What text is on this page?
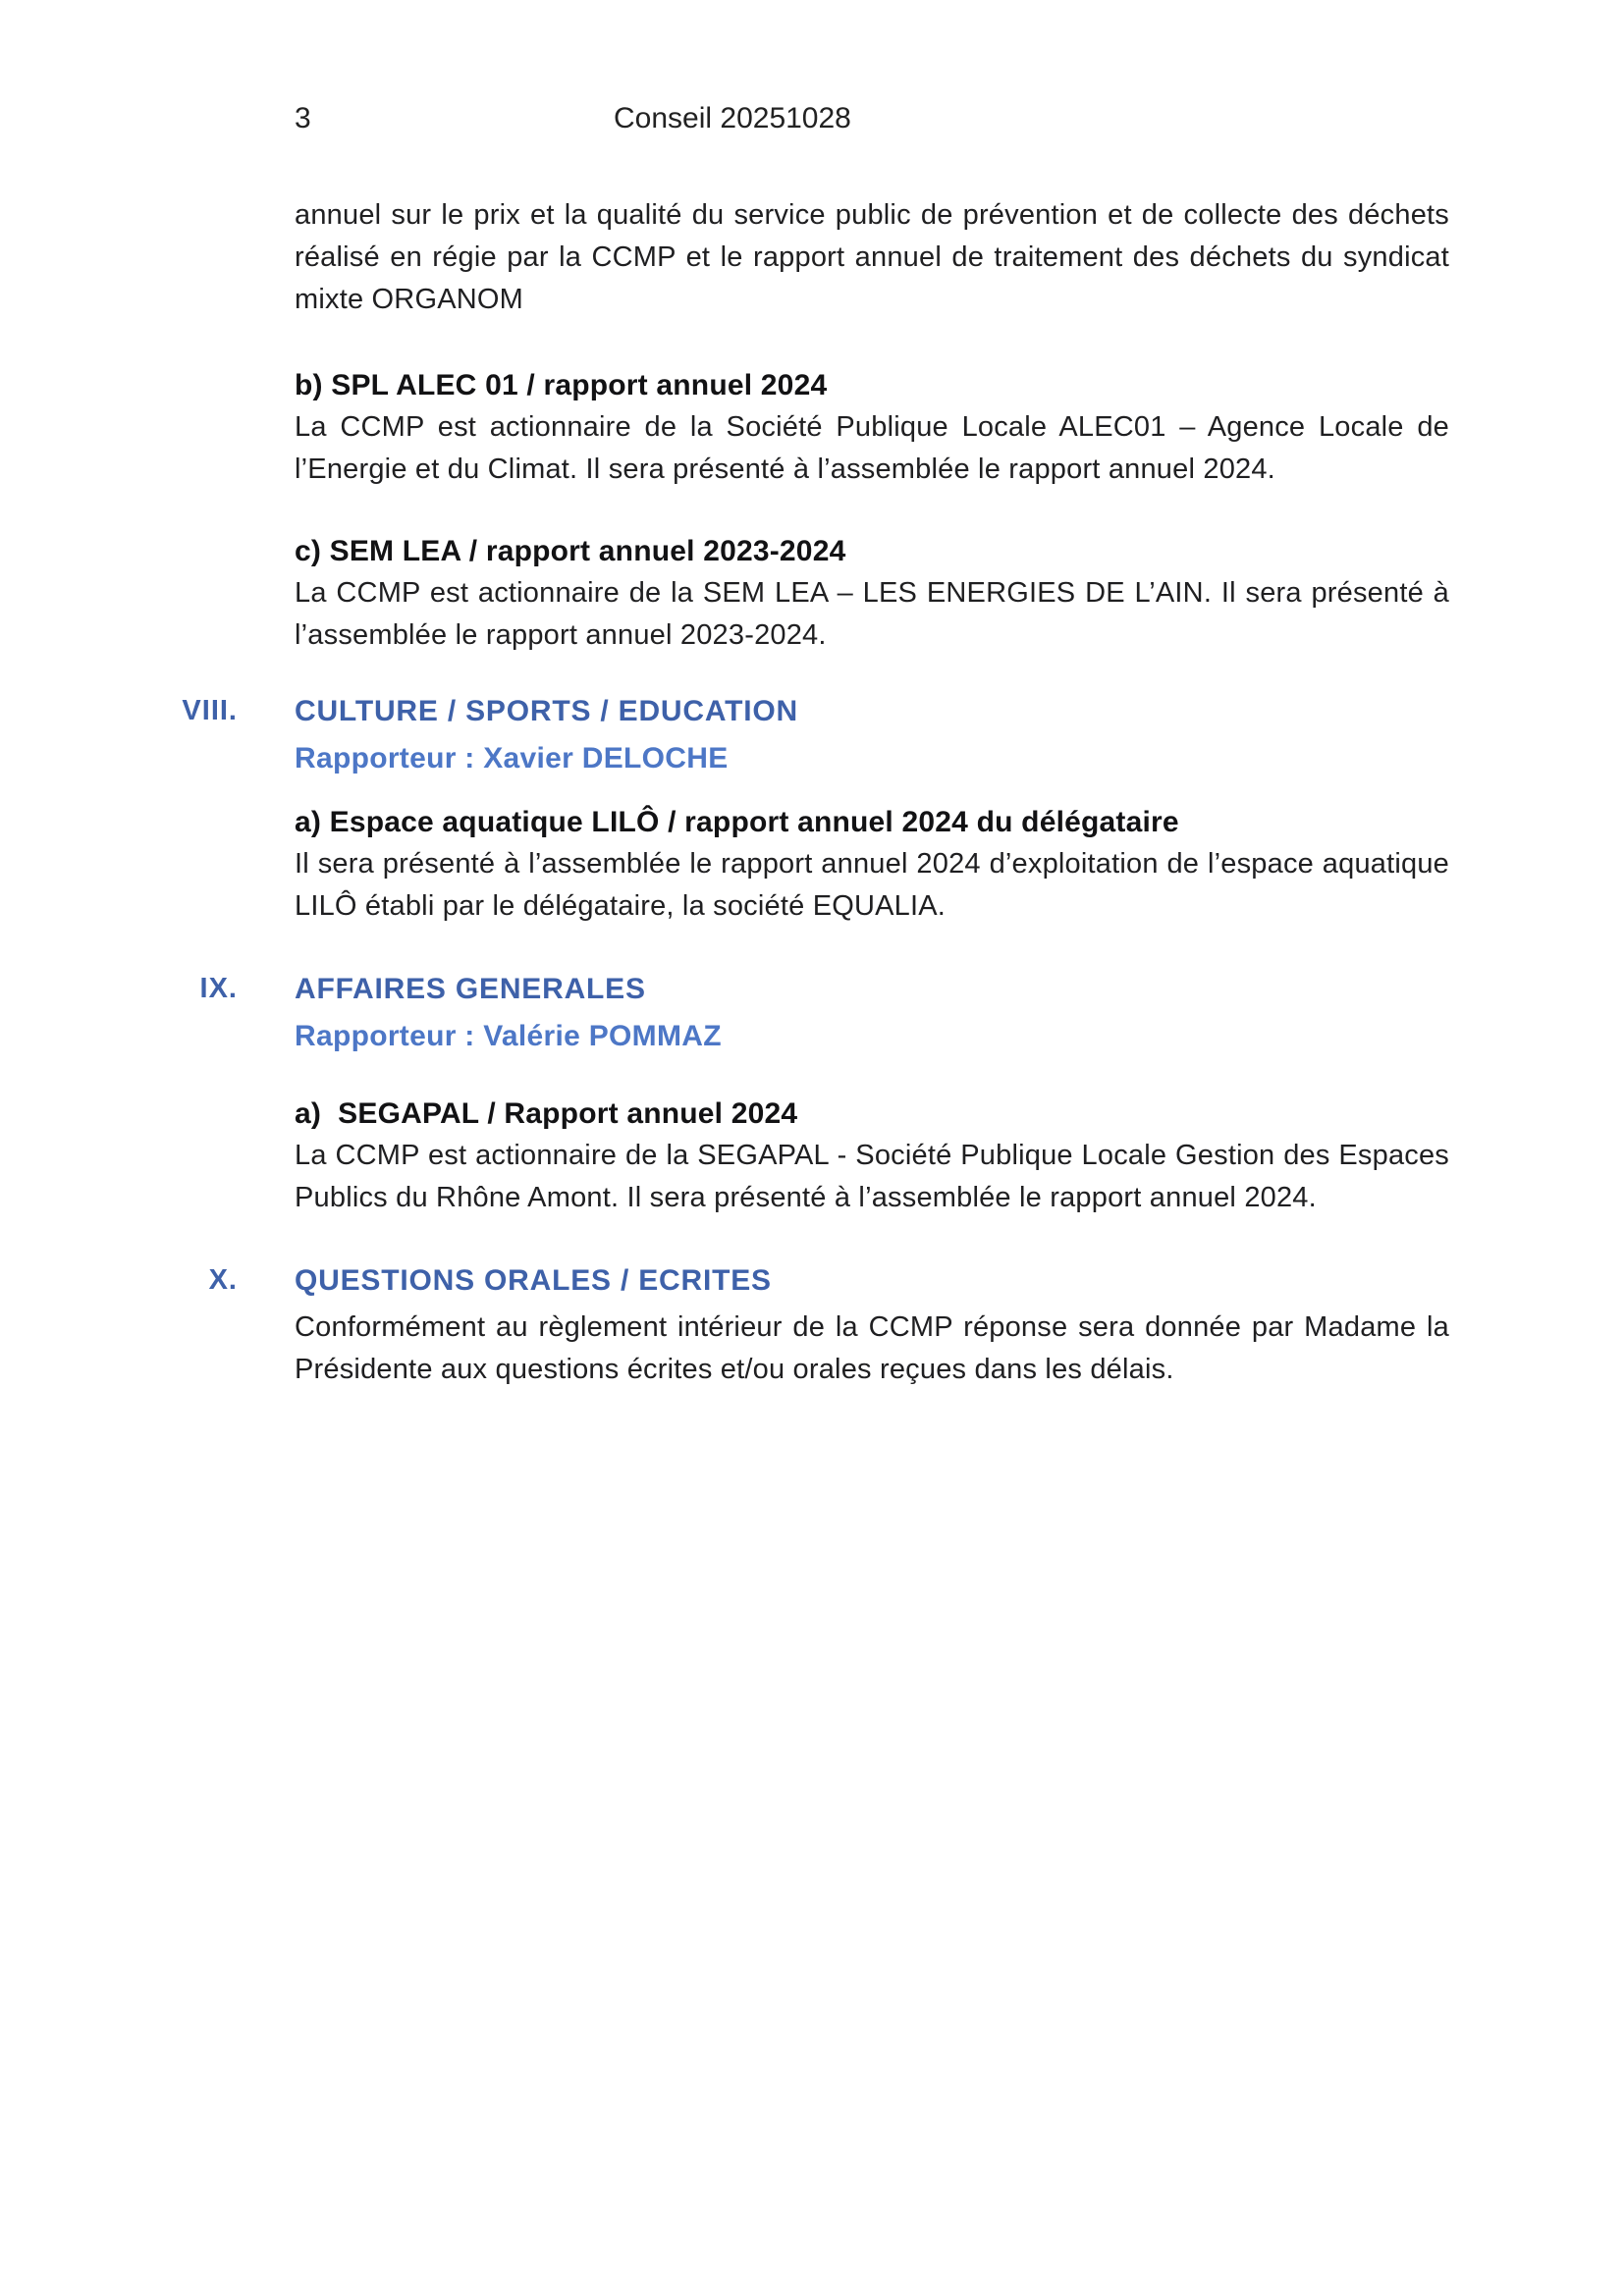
3	Conseil 20251028

annuel sur le prix et la qualité du service public de prévention et de collecte des déchets réalisé en régie par la CCMP et le rapport annuel de traitement des déchets du syndicat mixte ORGANOM

b) SPL ALEC 01 / rapport annuel 2024

La CCMP est actionnaire de la Société Publique Locale ALEC01 – Agence Locale de l’Energie et du Climat. Il sera présenté à l’assemblée le rapport annuel 2024.

c) SEM LEA / rapport annuel 2023-2024

La CCMP est actionnaire de la SEM LEA – LES ENERGIES DE L’AIN. Il sera présenté à l’assemblée le rapport annuel 2023-2024.

VIII. CULTURE / SPORTS / EDUCATION
Rapporteur : Xavier DELOCHE
a) Espace aquatique LILÔ / rapport annuel 2024 du délégataire

Il sera présenté à l’assemblée le rapport annuel 2024 d’exploitation de l’espace aquatique LILÔ établi par le délégataire, la société EQUALIA.

IX. AFFAIRES GENERALES
Rapporteur : Valérie POMMAZ
a)  SEGAPAL / Rapport annuel 2024

La CCMP est actionnaire de la SEGAPAL - Société Publique Locale Gestion des Espaces Publics du Rhône Amont. Il sera présenté à l’assemblée le rapport annuel 2024.

X. QUESTIONS ORALES / ECRITES

Conformément au règlement intérieur de la CCMP réponse sera donnée par Madame la Présidente aux questions écrites et/ou orales reçues dans les délais.
